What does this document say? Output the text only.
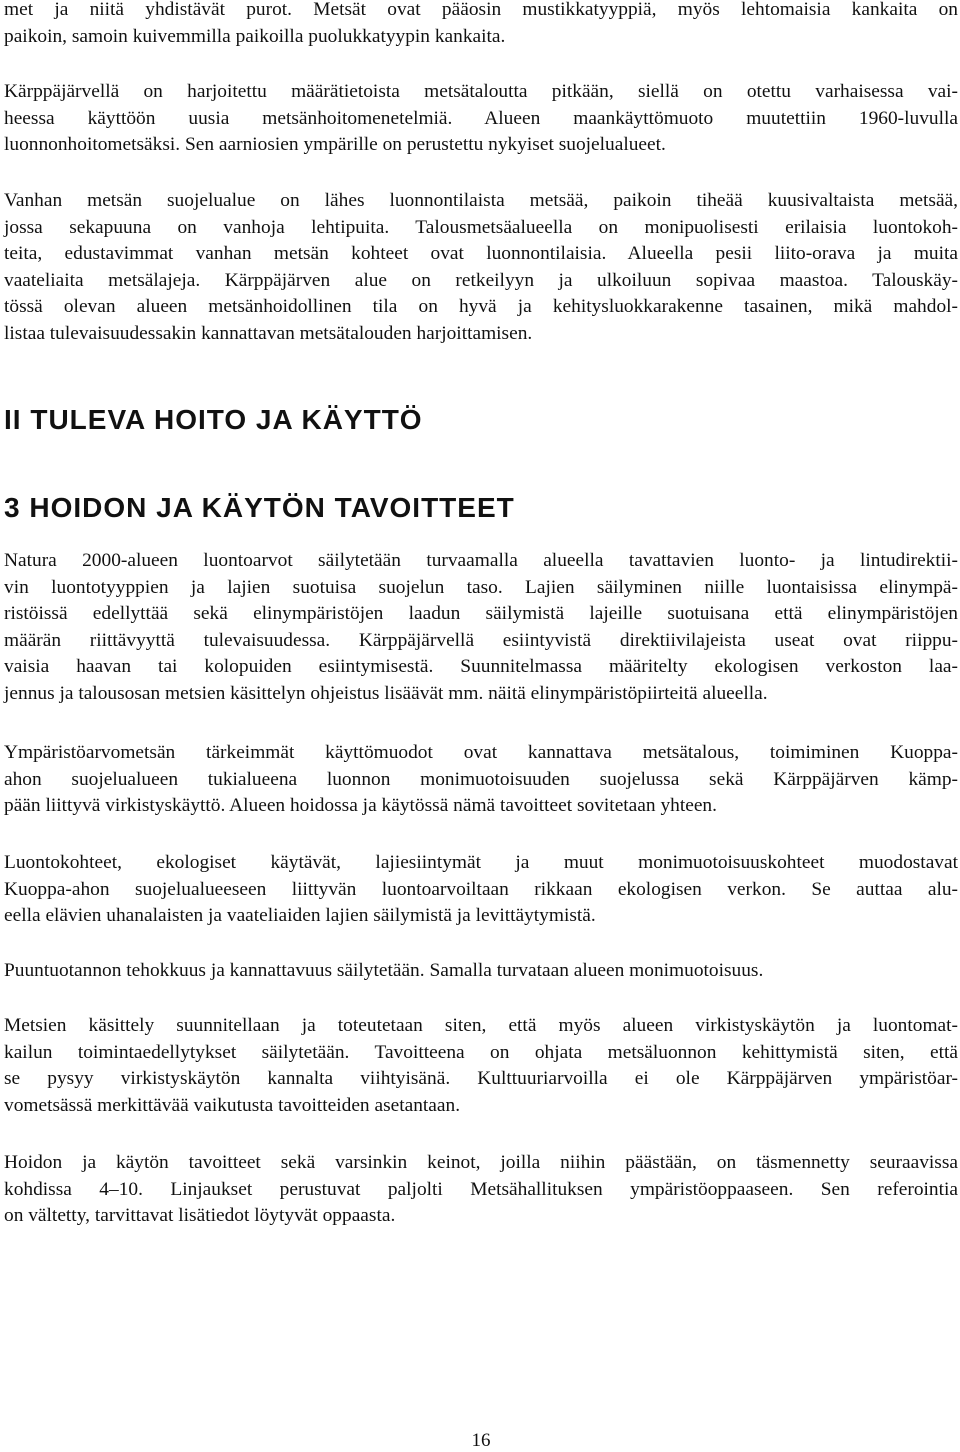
met ja niitä yhdistävät purot. Metsät ovat pääosin mustikkatyyppiä, myös lehtomaisia kankaita on
paikoin, samoin kuivemmilla paikoilla puolukkatyypin kankaita.
Kärppäjärvellä on harjoitettu määrätietoista metsätaloutta pitkään, siellä on otettu varhaisessa vai-
heessa käyttöön uusia metsänhoitomenetelmiä. Alueen maankäyttömuoto muutettiin 1960-luvulla
luonnonhoitometsäksi. Sen aarniosien ympärille on perustettu nykyiset suojelualueet.
Vanhan metsän suojelualue on lähes luonnontilaista metsää, paikoin tiheää kuusivaltaista metsää,
jossa sekapuuna on vanhoja lehtipuita. Talousmetsäalueella on monipuolisesti erilaisia luontokoh-
teita, edustavimmat vanhan metsän kohteet ovat luonnontilaisia. Alueella pesii liito-orava ja muita
vaateliaita metsälajeja. Kärppäjärven alue on retkeilyyn ja ulkoiluun sopivaa maastoa. Talouskäy-
tössä olevan alueen metsänhoidollinen tila on hyvä ja kehitysluokkarakenne tasainen, mikä mahdol-
listaa tulevaisuudessakin kannattavan metsätalouden harjoittamisen.
II TULEVA HOITO JA KÄYTTÖ
3 HOIDON JA KÄYTÖN TAVOITTEET
Natura 2000-alueen luontoarvot säilytetään turvaamalla alueella tavattavien luonto- ja lintudirektii-
vin luontotyyppien ja lajien suotuisa suojelun taso. Lajien säilyminen niille luontaisissa elinympä-
ristöissä edellyttää sekä elinympäristöjen laadun säilymistä lajeille suotuisana että elinympäristöjen
määrän riittävyyttä tulevaisuudessa. Kärppäjärvellä esiintyvistä direktiivilajeista useat ovat riippu-
vaisia haavan tai kolopuiden esiintymisestä. Suunnitelmassa määritelty ekologisen verkoston laa-
jennus ja talousosan metsien käsittelyn ohjeistus lisäävät mm. näitä elinympäristöpiirteitä alueella.
Ympäristöarvometsän tärkeimmät käyttömuodot ovat kannattava metsätalous, toimiminen Kuoppa-
ahon suojelualueen tukialueena luonnon monimuotoisuuden suojelussa sekä Kärppäjärven kämp-
pään liittyvä virkistyskäyttö. Alueen hoidossa ja käytössä nämä tavoitteet sovitetaan yhteen.
Luontokohteet, ekologiset käytävät, lajiesiintymät ja muut monimuotoisuuskohteet muodostavat
Kuoppa-ahon suojelualueeseen liittyvän luontoarvoiltaan rikkaan ekologisen verkon. Se auttaa alu-
eella elävien uhanalaisten ja vaateliaiden lajien säilymistä ja levittäytymistä.
Puuntuotannon tehokkuus ja kannattavuus säilytetään. Samalla turvataan alueen monimuotoisuus.
Metsien käsittely suunnitellaan ja toteutetaan siten, että myös alueen virkistyskäytön ja luontomat-
kailun toimintaedellytykset säilytetään. Tavoitteena on ohjata metsäluonnon kehittymistä siten, että
se pysyy virkistyskäytön kannalta viihtyisänä. Kulttuuriarvoilla ei ole Kärppäjärven ympäristöar-
vometsässä merkittävää vaikutusta tavoitteiden asetantaan.
Hoidon ja käytön tavoitteet sekä varsinkin keinot, joilla niihin päästään, on täsmennetty seuraavissa
kohdissa 4–10. Linjaukset perustuvat paljolti Metsähallituksen ympäristöoppaaseen. Sen referointia
on vältetty, tarvittavat lisätiedot löytyvät oppaasta.
16
